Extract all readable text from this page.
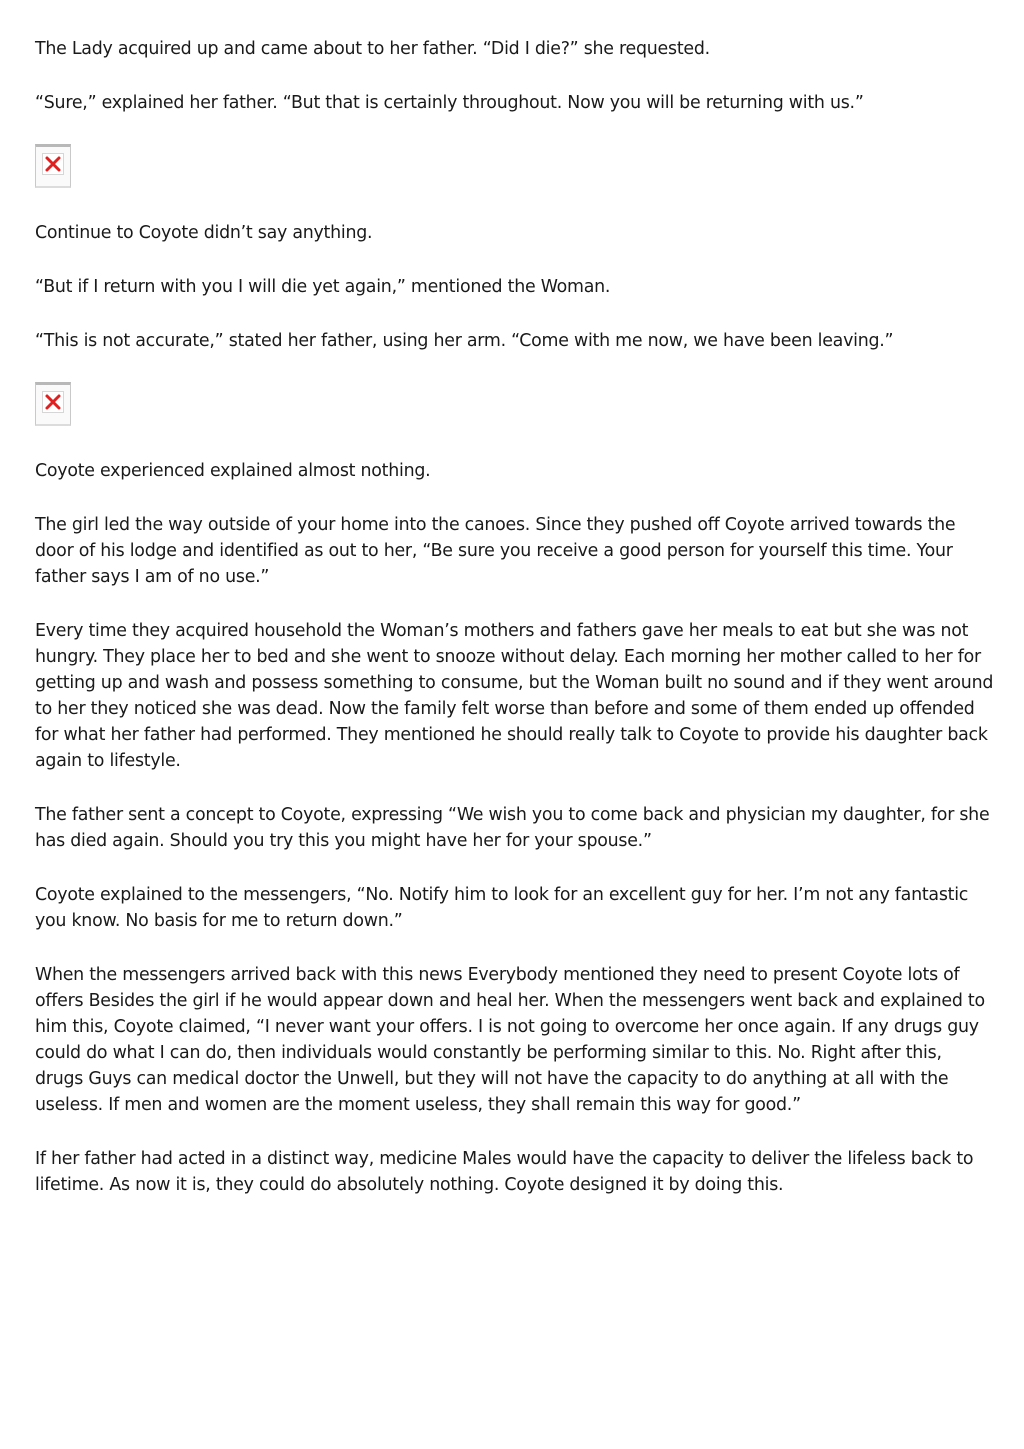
The Lady acquired up and came about to her father. “Did I die?” she requested.

“Sure,” explained her father. “But that is certainly throughout. Now you will be returning with us.”

Continue to Coyote didn’t say anything.

“But if I return with you I will die yet again,” mentioned the Woman.

“This is not accurate,” stated her father, using her arm. “Come with me now, we have been leaving.”

Coyote experienced explained almost nothing.

The girl led the way outside of your home into the canoes. Since they pushed off Coyote arrived towards the door of his lodge and identified as out to her, “Be sure you receive a good person for yourself this time. Your father says I am of no use.”

Every time they acquired household the Woman’s mothers and fathers gave her meals to eat but she was not hungry. They place her to bed and she went to snooze without delay. Each morning her mother called to her for getting up and wash and possess something to consume, but the Woman built no sound and if they went around to her they noticed she was dead. Now the family felt worse than before and some of them ended up offended for what her father had performed. They mentioned he should really talk to Coyote to provide his daughter back again to lifestyle.

The father sent a concept to Coyote, expressing “We wish you to come back and physician my daughter, for she has died again. Should you try this you might have her for your spouse.”

Coyote explained to the messengers, “No. Notify him to look for an excellent guy for her. I’m not any fantastic you know. No basis for me to return down.”

When the messengers arrived back with this news Everybody mentioned they need to present Coyote lots of offers Besides the girl if he would appear down and heal her. When the messengers went back and explained to him this, Coyote claimed, “I never want your offers. I is not going to overcome her once again. If any drugs guy could do what I can do, then individuals would constantly be performing similar to this. No. Right after this, drugs Guys can medical doctor the Unwell, but they will not have the capacity to do anything at all with the useless. If men and women are the moment useless, they shall remain this way for good.”

If her father had acted in a distinct way, medicine Males would have the capacity to deliver the lifeless back to lifetime. As now it is, they could do absolutely nothing. Coyote designed it by doing this.
